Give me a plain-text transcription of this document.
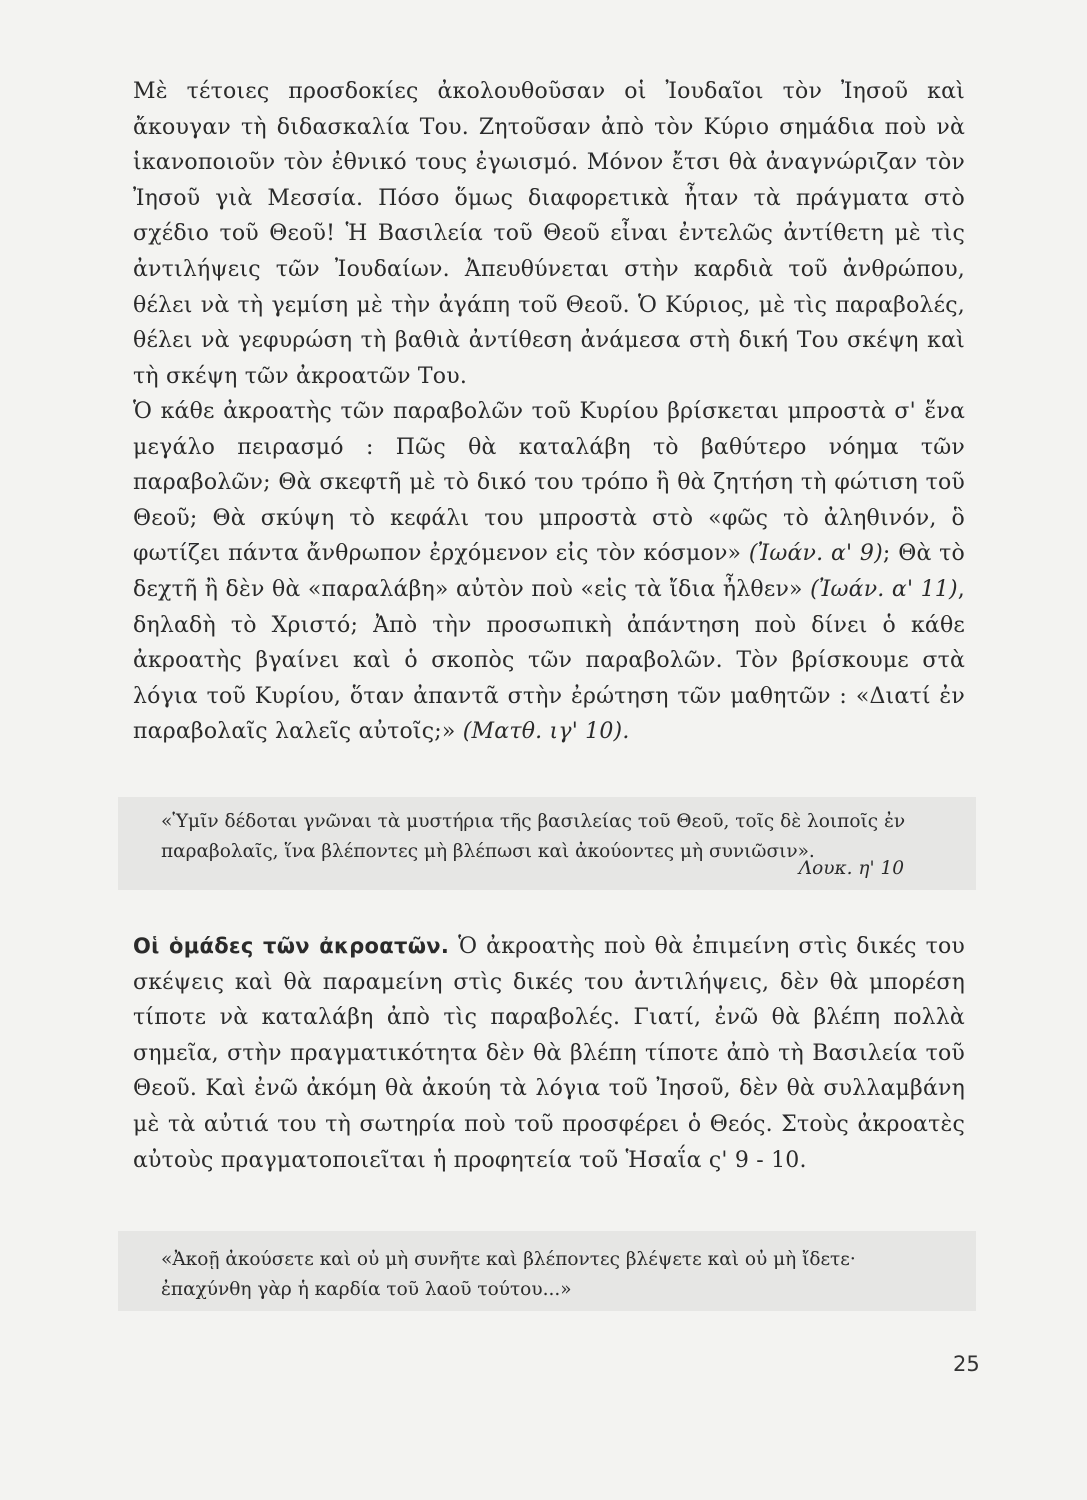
Μὲ τέτοιες προσδοκίες ἀκολουθοῦσαν οἱ Ἰουδαῖοι τὸν Ἰησοῦ καὶ ἄκουγαν τὴ διδασκαλία Του. Ζητοῦσαν ἀπὸ τὸν Κύριο σημάδια ποὺ νὰ ἱκανοποιοῦν τὸν ἐθνικό τους ἐγωισμό. Μόνον ἔτσι θὰ ἀναγνώριζαν τὸν Ἰησοῦ γιὰ Μεσσία. Πόσο ὅμως διαφορετικὰ ἦταν τὰ πράγματα στὸ σχέδιο τοῦ Θεοῦ! Ἡ Βασιλεία τοῦ Θεοῦ εἶναι ἐντελῶς ἀντίθετη μὲ τὶς ἀντιλήψεις τῶν Ἰουδαίων. Ἀπευθύνεται στὴν καρδιὰ τοῦ ἀνθρώπου, θέλει νὰ τὴ γεμίση μὲ τὴν ἀγάπη τοῦ Θεοῦ. Ὁ Κύριος, μὲ τὶς παραβολές, θέλει νὰ γεφυρώση τὴ βαθιὰ ἀντίθεση ἀνάμεσα στὴ δική Του σκέψη καὶ τὴ σκέψη τῶν ἀκροατῶν Του.

Ὁ κάθε ἀκροατὴς τῶν παραβολῶν τοῦ Κυρίου βρίσκεται μπροστὰ σ' ἕνα μεγάλο πειρασμό : Πῶς θὰ καταλάβη τὸ βαθύτερο νόημα τῶν παραβολῶν; Θὰ σκεφτῆ μὲ τὸ δικό του τρόπο ἢ θὰ ζητήση τὴ φώτιση τοῦ Θεοῦ; Θὰ σκύψη τὸ κεφάλι του μπροστὰ στὸ «φῶς τὸ ἀληθινόν, ὃ φωτίζει πάντα ἄνθρωπον ἐρχόμενον εἰς τὸν κόσμον» (Ἰωάν. α' 9); Θὰ τὸ δεχτῆ ἢ δὲν θὰ «παραλάβη» αὐτὸν ποὺ «εἰς τὰ ἴδια ἦλθεν» (Ἰωάν. α' 11), δηλαδὴ τὸ Χριστό; Ἀπὸ τὴν προσωπικὴ ἀπάντηση ποὺ δίνει ὁ κάθε ἀκροατὴς βγαίνει καὶ ὁ σκοπὸς τῶν παραβολῶν. Τὸν βρίσκουμε στὰ λόγια τοῦ Κυρίου, ὅταν ἀπαντᾶ στὴν ἐρώτηση τῶν μαθητῶν : «Διατί ἐν παραβολαῖς λαλεῖς αὐτοῖς;» (Ματθ. ιγ' 10).

«Ὑμῖν δέδοται γνῶναι τὰ μυστήρια τῆς βασιλείας τοῦ Θεοῦ, τοῖς δὲ λοιποῖς ἐν παραβολαῖς, ἵνα βλέποντες μὴ βλέπωσι καὶ ἀκούοντες μὴ συνιῶσιν».
Λουκ. η' 10

Οἱ ὁμάδες τῶν ἀκροατῶν. Ὁ ἀκροατὴς ποὺ θὰ ἐπιμείνη στὶς δικές του σκέψεις καὶ θὰ παραμείνη στὶς δικές του ἀντιλήψεις, δὲν θὰ μπορέση τίποτε νὰ καταλάβη ἀπὸ τὶς παραβολές. Γιατί, ἐνῶ θὰ βλέπη πολλὰ σημεῖα, στὴν πραγματικότητα δὲν θὰ βλέπη τίποτε ἀπὸ τὴ Βασιλεία τοῦ Θεοῦ. Καὶ ἐνῶ ἀκόμη θὰ ἀκούη τὰ λόγια τοῦ Ἰησοῦ, δὲν θὰ συλλαμβάνη μὲ τὰ αὐτιά του τὴ σωτηρία ποὺ τοῦ προσφέρει ὁ Θεός. Στοὺς ἀκροατὲς αὐτοὺς πραγματοποιεῖται ἡ προφητεία τοῦ Ἡσαΐα ς' 9 - 10.

«Ἀκοῇ ἀκούσετε καὶ οὐ μὴ συνῆτε καὶ βλέποντες βλέψετε καὶ οὐ μὴ ἴδετε· ἐπαχύνθη γὰρ ἡ καρδία τοῦ λαοῦ τούτου...»
25
